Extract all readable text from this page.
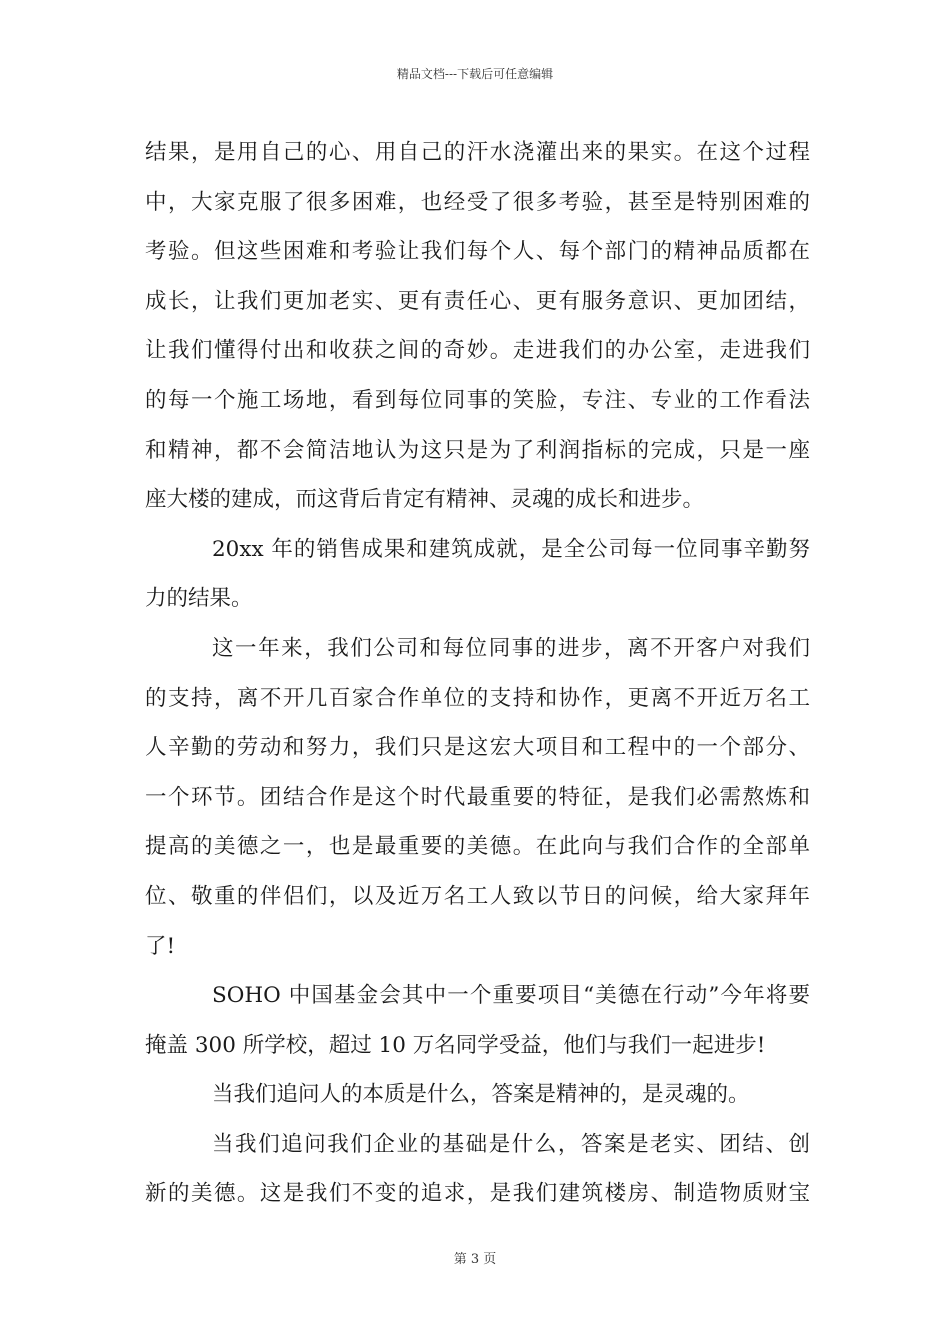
精品文档---下载后可任意编辑
结果，是用自己的心、用自己的汗水浇灌出来的果实。在这个过程
中，大家克服了很多困难，也经受了很多考验，甚至是特别困难的
考验。但这些困难和考验让我们每个人、每个部门的精神品质都在
成长，让我们更加老实、更有责任心、更有服务意识、更加团结，
让我们懂得付出和收获之间的奇妙。走进我们的办公室，走进我们
的每一个施工场地，看到每位同事的笑脸，专注、专业的工作看法
和精神，都不会简洁地认为这只是为了利润指标的完成，只是一座
座大楼的建成，而这背后肯定有精神、灵魂的成长和进步。
20xx 年的销售成果和建筑成就，是全公司每一位同事辛勤努
力的结果。
这一年来，我们公司和每位同事的进步，离不开客户对我们
的支持，离不开几百家合作单位的支持和协作，更离不开近万名工
人辛勤的劳动和努力，我们只是这宏大项目和工程中的一个部分、
一个环节。团结合作是这个时代最重要的特征，是我们必需熬炼和
提高的美德之一，也是最重要的美德。在此向与我们合作的全部单
位、敬重的伴侣们，以及近万名工人致以节日的问候，给大家拜年
了!
SOHO 中国基金会其中一个重要项目“美德在行动”今年将要
掩盖 300 所学校，超过 10 万名同学受益，他们与我们一起进步!
当我们追问人的本质是什么，答案是精神的，是灵魂的。
当我们追问我们企业的基础是什么，答案是老实、团结、创
新的美德。这是我们不变的追求，是我们建筑楼房、制造物质财宝
第 3 页
